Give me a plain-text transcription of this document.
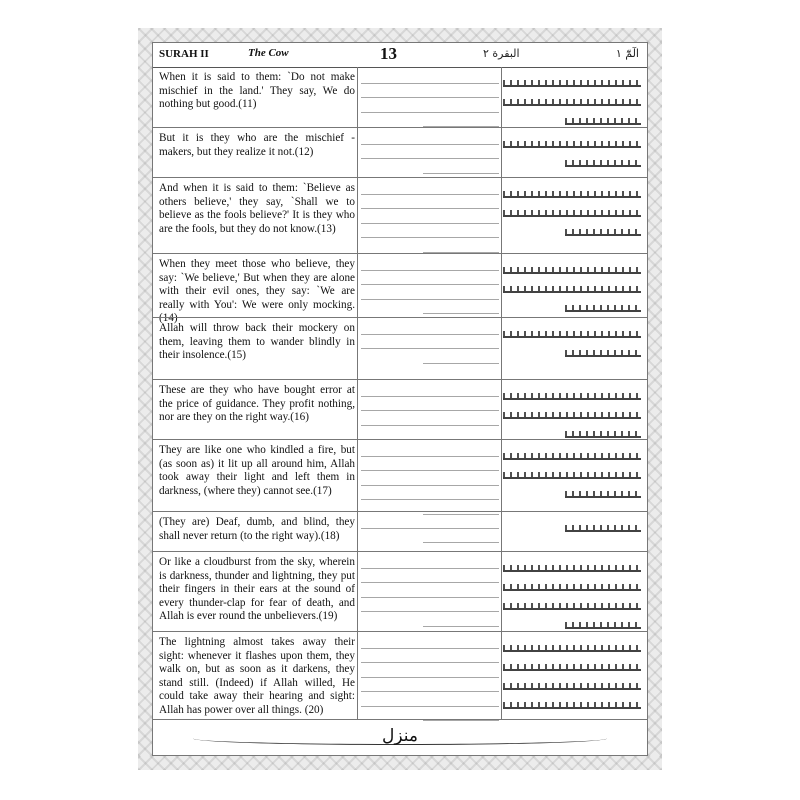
SURAH II	The Cow	13	البقرة ٢	الٓمّٓ ١
When it is said to them: `Do not make mischief in the land.' They say, We do nothing but good.(11)
But it is they who are the mischief - makers, but they realize it not.(12)
And when it is said to them: `Believe as others believe,' they say, `Shall we to believe as the fools believe?' It is they who are the fools, but they do not know.(13)
When they meet those who believe, they say: `We believe,' But when they are alone with their evil ones, they say: `We are really with You': We were only mocking.(14)
Allah will throw back their mockery on them, leaving them to wander blindly in their insolence.(15)
These are they who have bought error at the price of guidance. They profit nothing, nor are they on the right way.(16)
They are like one who kindled a fire, but (as soon as) it lit up all around him, Allah took away their light and left them in darkness, (where they) cannot see.(17)
(They are) Deaf, dumb, and blind, they shall never return (to the right way).(18)
Or like a cloudburst from the sky, wherein is darkness, thunder and lightning, they put their fingers in their ears at the sound of every thunder-clap for fear of death, and Allah is ever round the unbelievers.(19)
The lightning almost takes away their sight: whenever it flashes upon them, they walk on, but as soon as it darkens, they stand still. (Indeed) if Allah willed, He could take away their hearing and sight: Allah has power over all things. (20)
منزل
